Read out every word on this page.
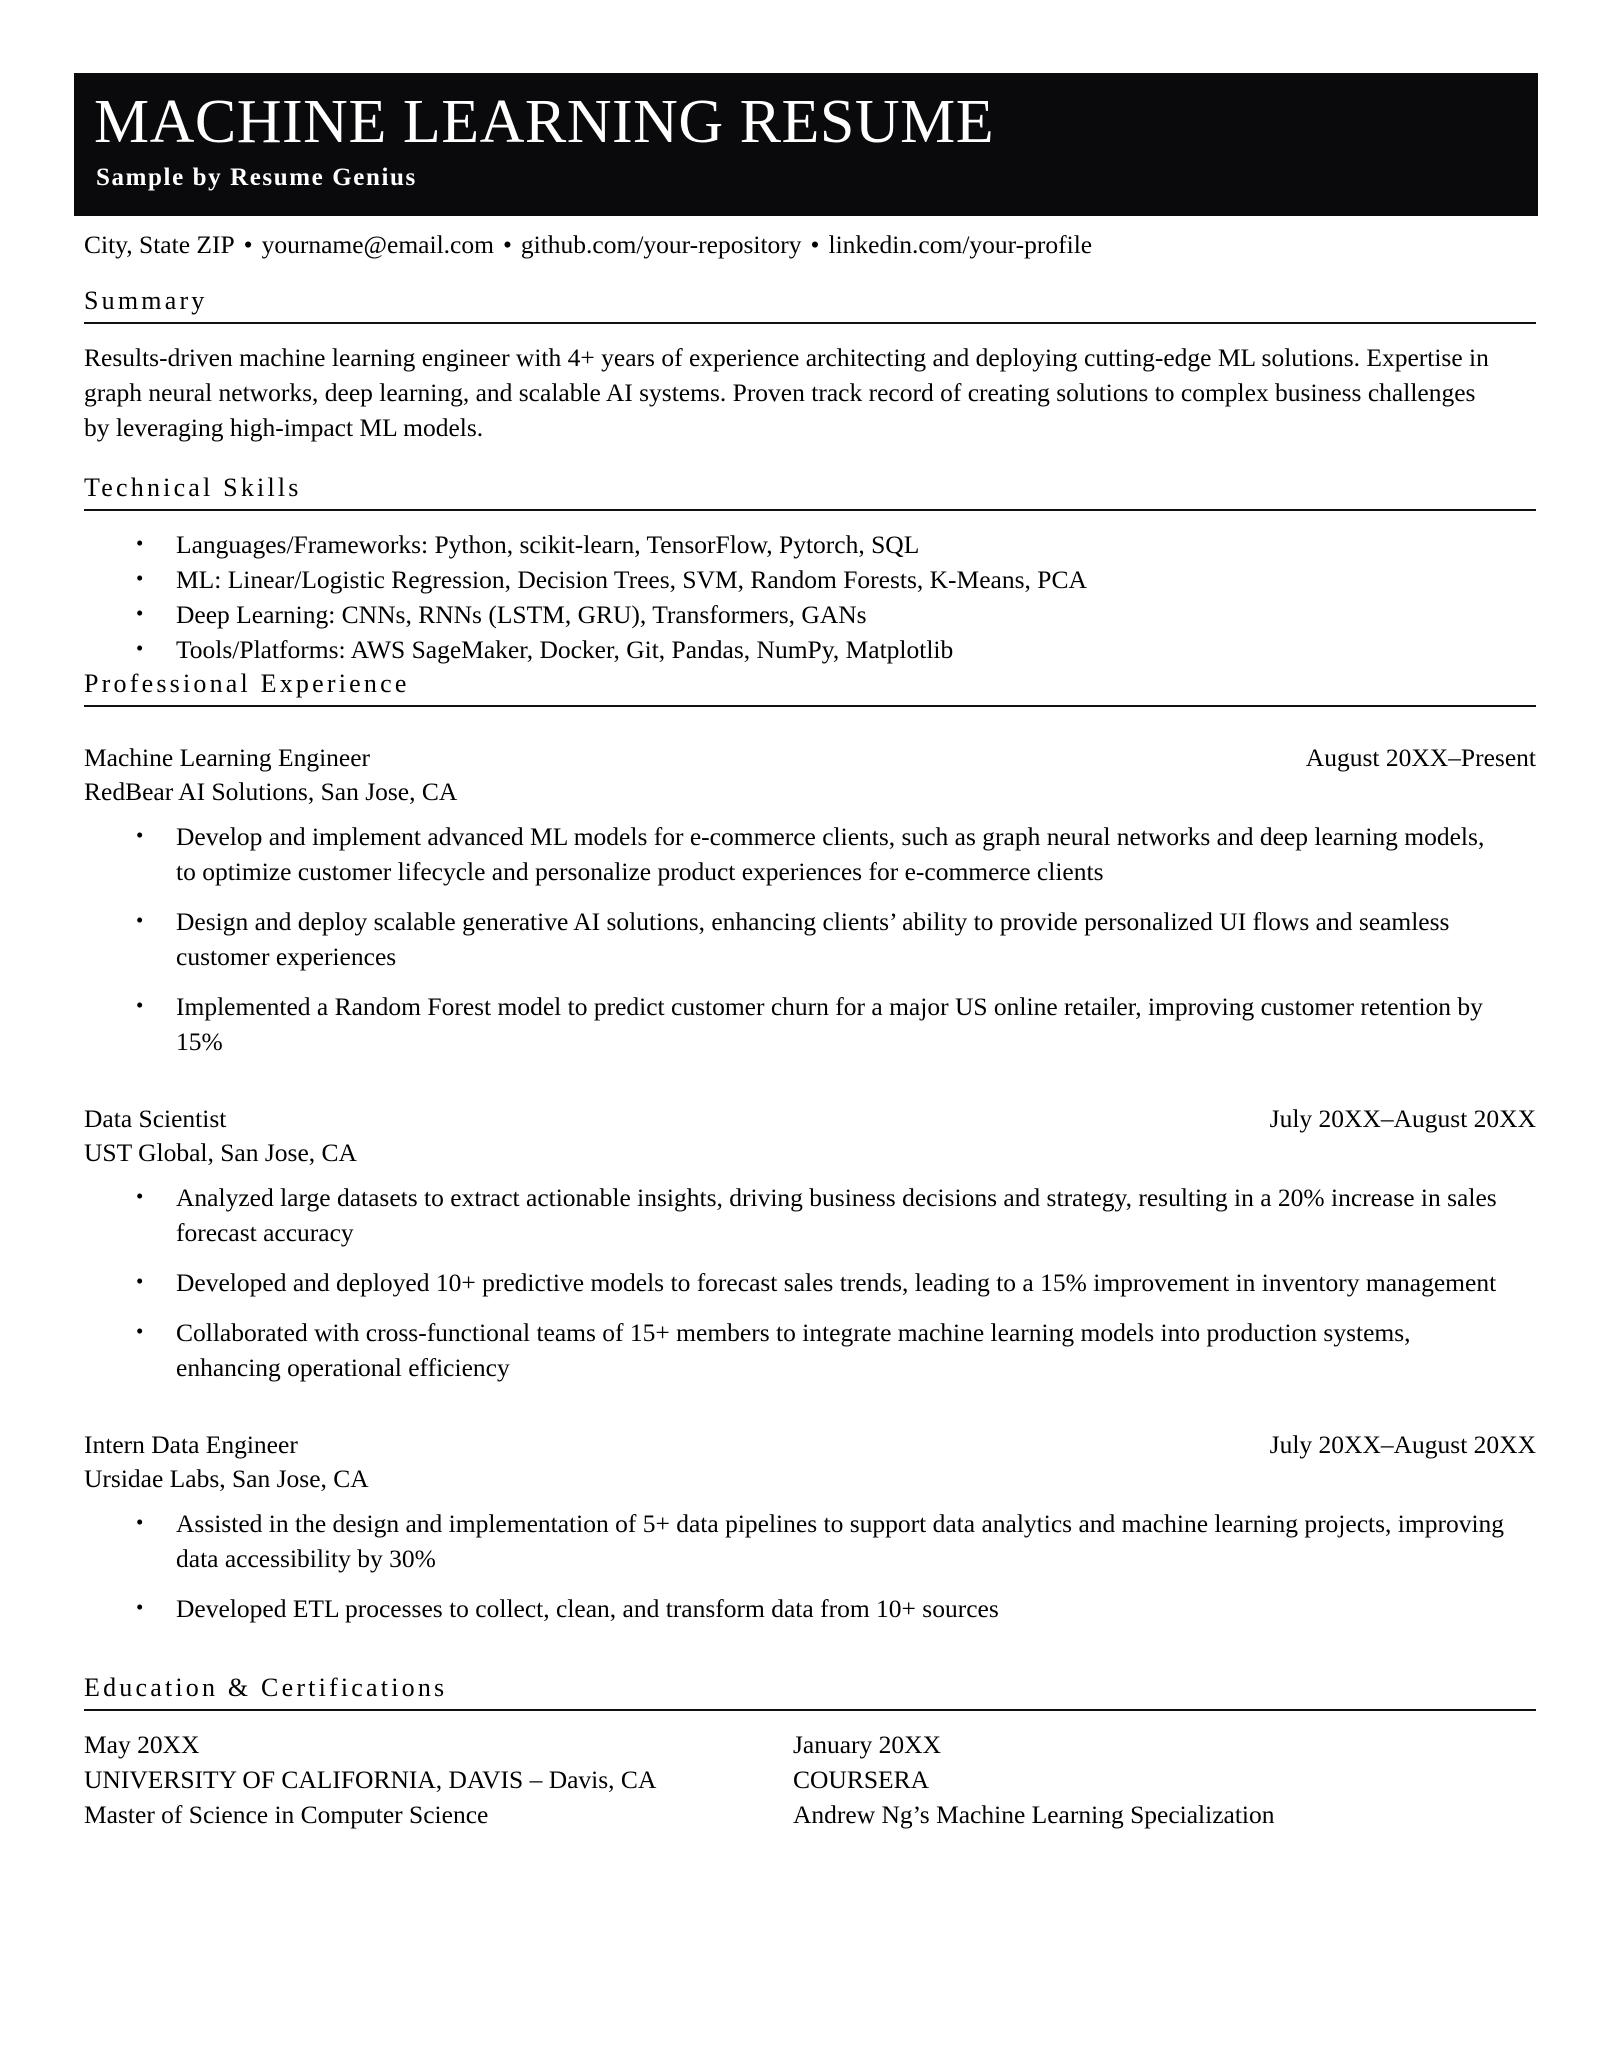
MACHINE LEARNING RESUME
Sample by Resume Genius
City, State ZIP • yourname@email.com • github.com/your-repository • linkedin.com/your-profile
Summary

Results-driven machine learning engineer with 4+ years of experience architecting and deploying cutting-edge ML solutions. Expertise in graph neural networks, deep learning, and scalable AI systems. Proven track record of creating solutions to complex business challenges by leveraging high-impact ML models.

Technical Skills
• Languages/Frameworks: Python, scikit-learn, TensorFlow, Pytorch, SQL
• ML: Linear/Logistic Regression, Decision Trees, SVM, Random Forests, K-Means, PCA
• Deep Learning: CNNs, RNNs (LSTM, GRU), Transformers, GANs
• Tools/Platforms: AWS SageMaker, Docker, Git, Pandas, NumPy, Matplotlib
Professional Experience
Machine Learning Engineer	August 20XX–Present
RedBear AI Solutions, San Jose, CA
• Develop and implement advanced ML models for e-commerce clients, such as graph neural networks and deep learning models, to optimize customer lifecycle and personalize product experiences for e-commerce clients
• Design and deploy scalable generative AI solutions, enhancing clients’ ability to provide personalized UI flows and seamless customer experiences
• Implemented a Random Forest model to predict customer churn for a major US online retailer, improving customer retention by 15%
Data Scientist	July 20XX–August 20XX
UST Global, San Jose, CA
• Analyzed large datasets to extract actionable insights, driving business decisions and strategy, resulting in a 20% increase in sales forecast accuracy
• Developed and deployed 10+ predictive models to forecast sales trends, leading to a 15% improvement in inventory management
• Collaborated with cross-functional teams of 15+ members to integrate machine learning models into production systems, enhancing operational efficiency
Intern Data Engineer	July 20XX–August 20XX
Ursidae Labs, San Jose, CA
• Assisted in the design and implementation of 5+ data pipelines to support data analytics and machine learning projects, improving data accessibility by 30%
• Developed ETL processes to collect, clean, and transform data from 10+ sources
Education & Certifications
May 20XX
UNIVERSITY OF CALIFORNIA, DAVIS – Davis, CA
Master of Science in Computer Science
January 20XX
COURSERA
Andrew Ng’s Machine Learning Specialization
